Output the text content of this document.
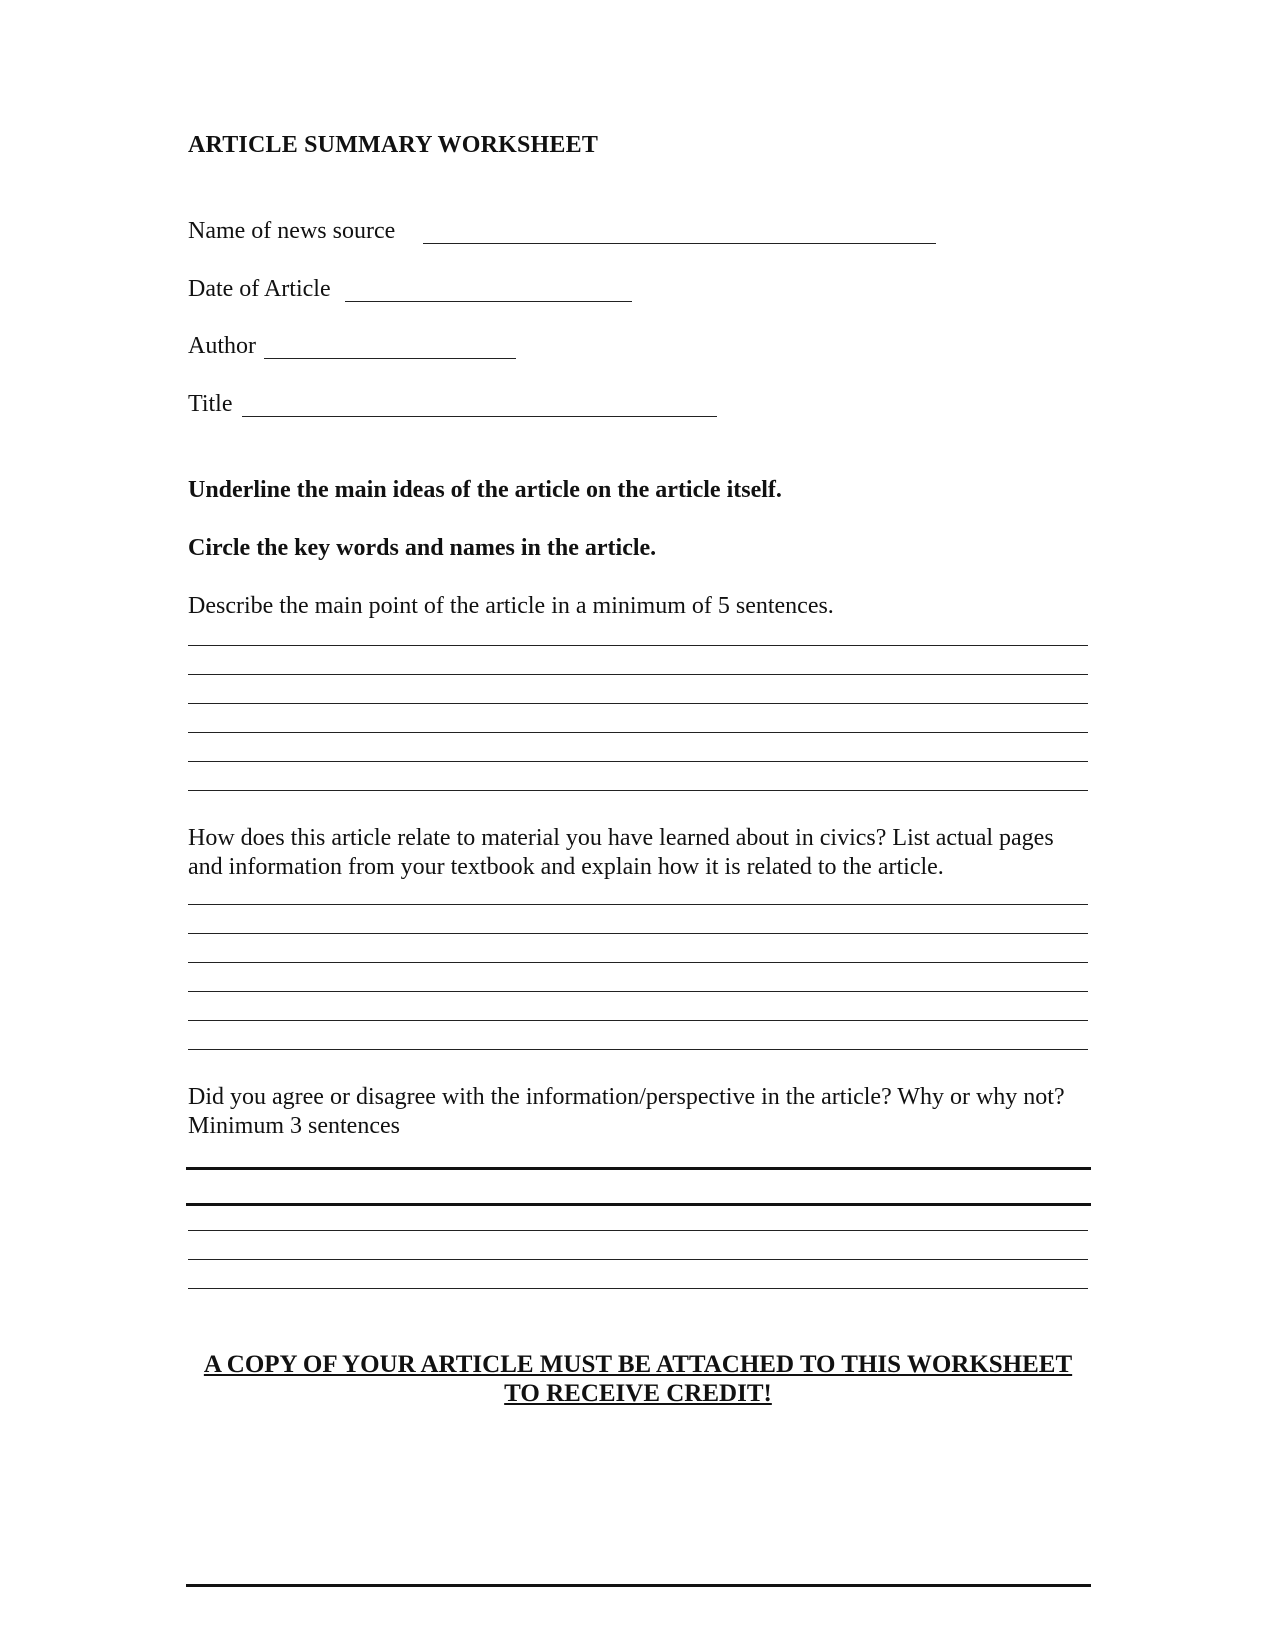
ARTICLE SUMMARY WORKSHEET
Name of news source
Date of Article
Author
Title
Underline the main ideas of the article on the article itself.
Circle the key words and names in the article.
Describe the main point of the article in a minimum of 5 sentences.
How does this article relate to material you have learned about in civics? List actual pages and information from your textbook and explain how it is related to the article.
Did you agree or disagree with the information/perspective in the article? Why or why not? Minimum 3 sentences
A COPY OF YOUR ARTICLE MUST BE ATTACHED TO THIS WORKSHEET
TO RECEIVE CREDIT!
